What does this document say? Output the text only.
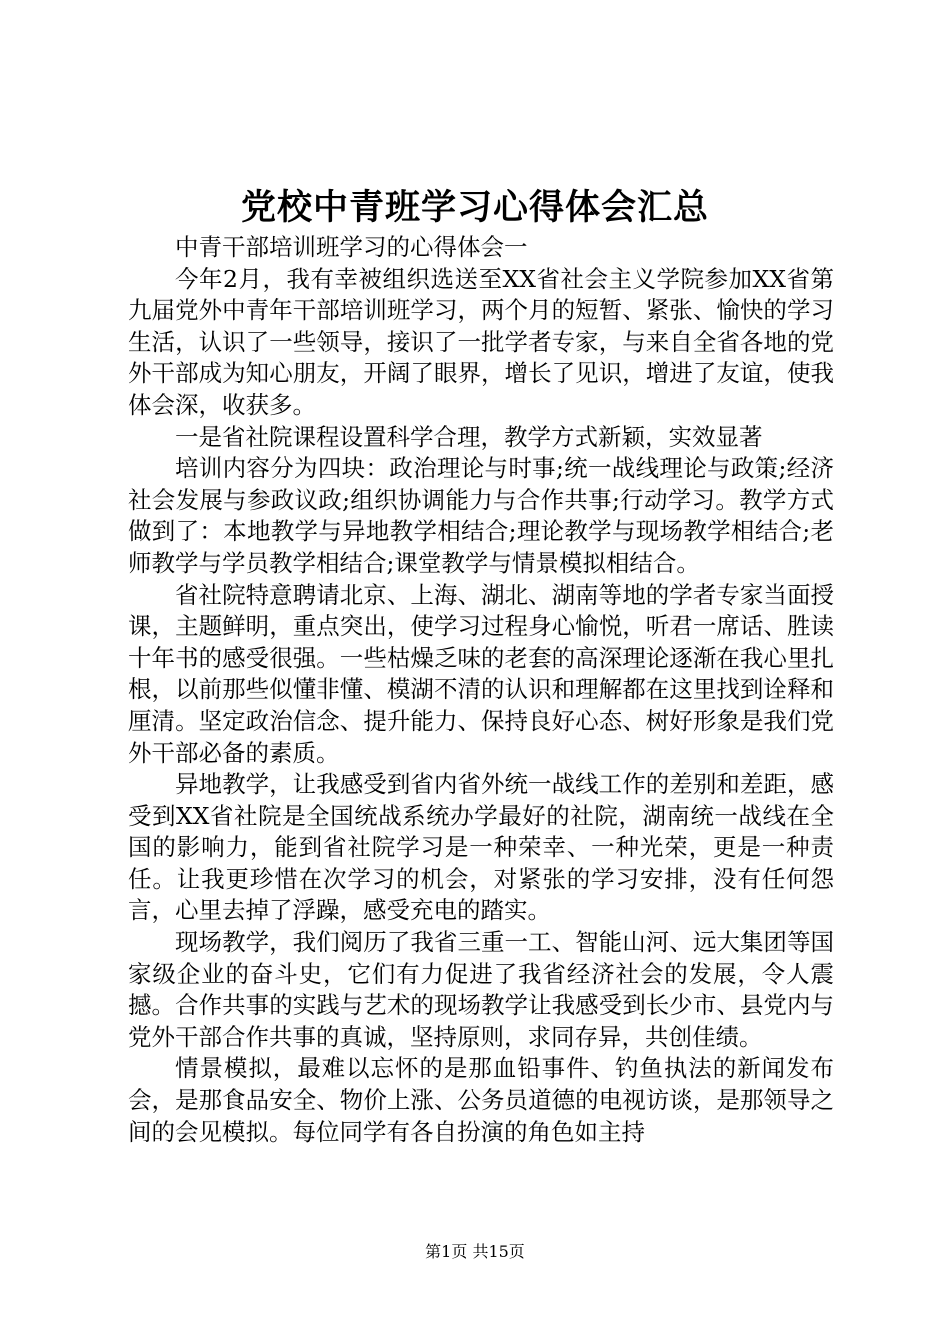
党校中青班学习心得体会汇总

中青干部培训班学习的心得体会一

今年2月，我有幸被组织选送至XX省社会主义学院参加XX省第九届党外中青年干部培训班学习，两个月的短暂、紧张、愉快的学习生活，认识了一些领导，接识了一批学者专家，与来自全省各地的党外干部成为知心朋友，开阔了眼界，增长了见识，增进了友谊，使我体会深，收获多。

一是省社院课程设置科学合理，教学方式新颖，实效显著

培训内容分为四块：政治理论与时事;统一战线理论与政策;经济社会发展与参政议政;组织协调能力与合作共事;行动学习。教学方式做到了：本地教学与异地教学相结合;理论教学与现场教学相结合;老师教学与学员教学相结合;课堂教学与情景模拟相结合。

省社院特意聘请北京、上海、湖北、湖南等地的学者专家当面授课，主题鲜明，重点突出，使学习过程身心愉悦，听君一席话、胜读十年书的感受很强。一些枯燥乏味的老套的高深理论逐渐在我心里扎根，以前那些似懂非懂、模湖不清的认识和理解都在这里找到诠释和厘清。坚定政治信念、提升能力、保持良好心态、树好形象是我们党外干部必备的素质。

异地教学，让我感受到省内省外统一战线工作的差别和差距，感受到XX省社院是全国统战系统办学最好的社院，湖南统一战线在全国的影响力，能到省社院学习是一种荣幸、一种光荣，更是一种责任。让我更珍惜在次学习的机会，对紧张的学习安排，没有任何怨言，心里去掉了浮躁，感受充电的踏实。

现场教学，我们阅历了我省三重一工、智能山河、远大集团等国家级企业的奋斗史，它们有力促进了我省经济社会的发展，令人震撼。合作共事的实践与艺术的现场教学让我感受到长少市、县党内与党外干部合作共事的真诚，坚持原则，求同存异，共创佳绩。

情景模拟，最难以忘怀的是那血铅事件、钓鱼执法的新闻发布会，是那食品安全、物价上涨、公务员道德的电视访谈，是那领导之间的会见模拟。每位同学有各自扮演的角色如主持

第1页 共15页
